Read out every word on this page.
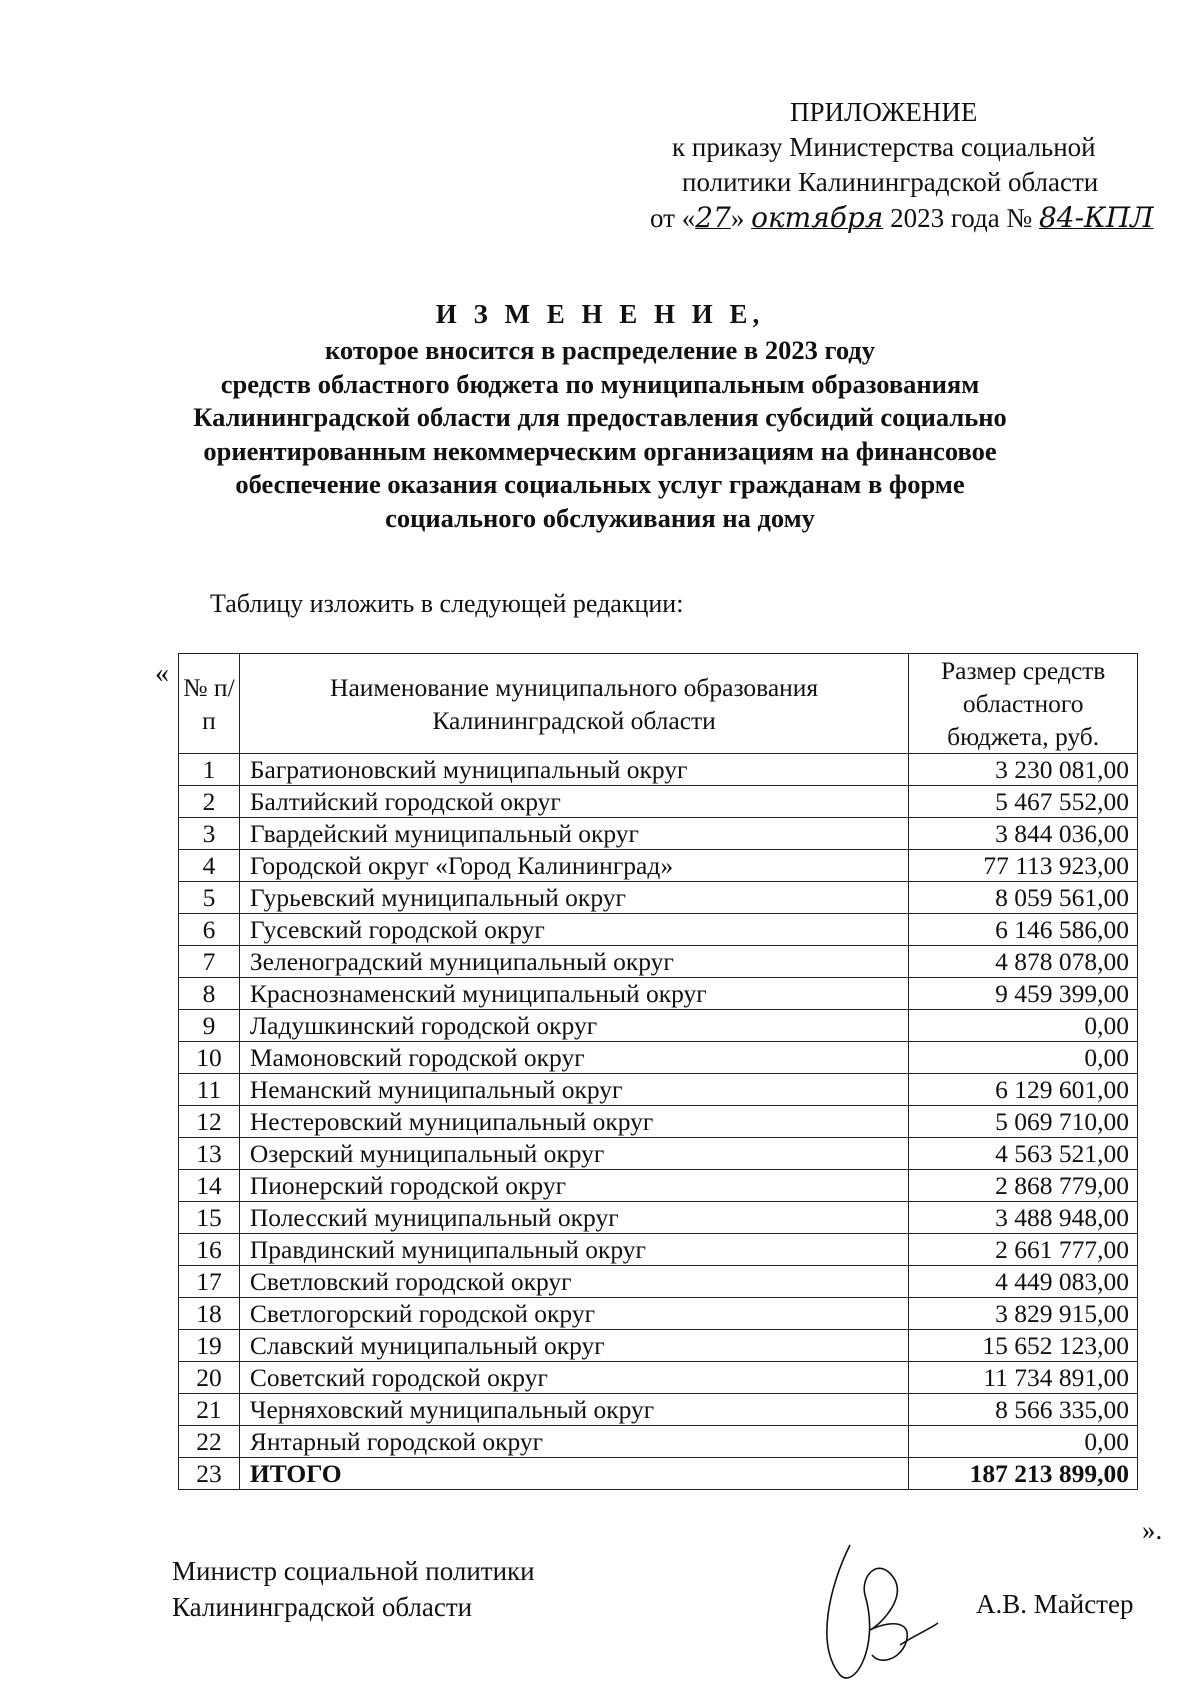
ПРИЛОЖЕНИЕ
к приказу Министерства социальной
политики Калининградской области
от «27» октября 2023 года № 84-КПЛ
И З М Е Н Е Н И Е,
которое вносится в распределение в 2023 году
средств областного бюджета по муниципальным образованиям
Калининградской области для предоставления субсидий социально
ориентированным некоммерческим организациям на финансовое
обеспечение оказания социальных услуг гражданам в форме
социального обслуживания на дому
Таблицу изложить в следующей редакции:
« № п/п	Наименование муниципального образования Калининградской области	Размер средств областного бюджета, руб.
1	Багратионовский муниципальный округ	3 230 081,00
2	Балтийский городской округ	5 467 552,00
3	Гвардейский муниципальный округ	3 844 036,00
4	Городской округ «Город Калининград»	77 113 923,00
5	Гурьевский муниципальный округ	8 059 561,00
6	Гусевский городской округ	6 146 586,00
7	Зеленоградский муниципальный округ	4 878 078,00
8	Краснознаменский муниципальный округ	9 459 399,00
9	Ладушкинский городской округ	0,00
10	Мамоновский городской округ	0,00
11	Неманский муниципальный округ	6 129 601,00
12	Нестеровский муниципальный округ	5 069 710,00
13	Озерский муниципальный округ	4 563 521,00
14	Пионерский городской округ	2 868 779,00
15	Полесский муниципальный округ	3 488 948,00
16	Правдинский муниципальный округ	2 661 777,00
17	Светловский городской округ	4 449 083,00
18	Светлогорский городской округ	3 829 915,00
19	Славский муниципальный округ	15 652 123,00
20	Советский городской округ	11 734 891,00
21	Черняховский муниципальный округ	8 566 335,00
22	Янтарный городской округ	0,00
23	ИТОГО	187 213 899,00
».
Министр социальной политики
Калининградской области	А.В. Майстер
